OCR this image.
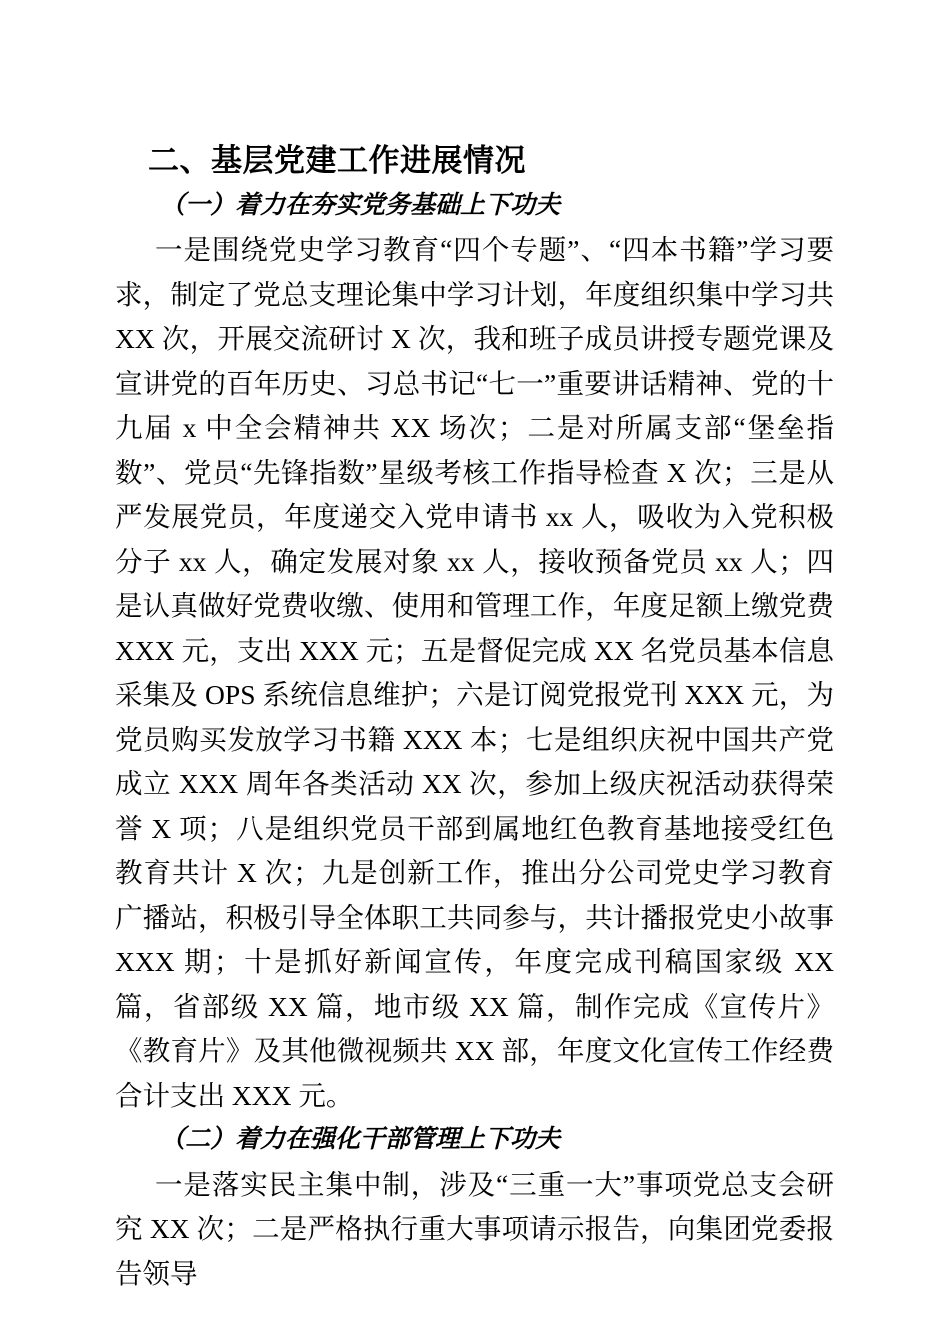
二、基层党建工作进展情况

（一）着力在夯实党务基础上下功夫

一是围绕党史学习教育“四个专题”、“四本书籍”学习要求，制定了党总支理论集中学习计划，年度组织集中学习共 XX 次，开展交流研讨 X 次，我和班子成员讲授专题党课及宣讲党的百年历史、习总书记“七一”重要讲话精神、党的十九届 x 中全会精神共 XX 场次；二是对所属支部“堡垒指数”、党员“先锋指数”星级考核工作指导检查 X 次；三是从严发展党员，年度递交入党申请书 xx 人，吸收为入党积极分子 xx 人，确定发展对象 xx 人，接收预备党员 xx 人；四是认真做好党费收缴、使用和管理工作，年度足额上缴党费 XXX 元，支出 XXX 元；五是督促完成 XX 名党员基本信息采集及 OPS 系统信息维护；六是订阅党报党刊 XXX 元，为党员购买发放学习书籍 XXX 本；七是组织庆祝中国共产党成立 XXX 周年各类活动 XX 次，参加上级庆祝活动获得荣誉 X 项；八是组织党员干部到属地红色教育基地接受红色教育共计 X 次；九是创新工作，推出分公司党史学习教育广播站，积极引导全体职工共同参与，共计播报党史小故事 XXX 期；十是抓好新闻宣传，年度完成刊稿国家级 XX 篇，省部级 XX 篇，地市级 XX 篇，制作完成《宣传片》《教育片》及其他微视频共 XX 部，年度文化宣传工作经费合计支出 XXX 元。

（二）着力在强化干部管理上下功夫

一是落实民主集中制，涉及“三重一大”事项党总支会研究 XX 次；二是严格执行重大事项请示报告，向集团党委报告领导
